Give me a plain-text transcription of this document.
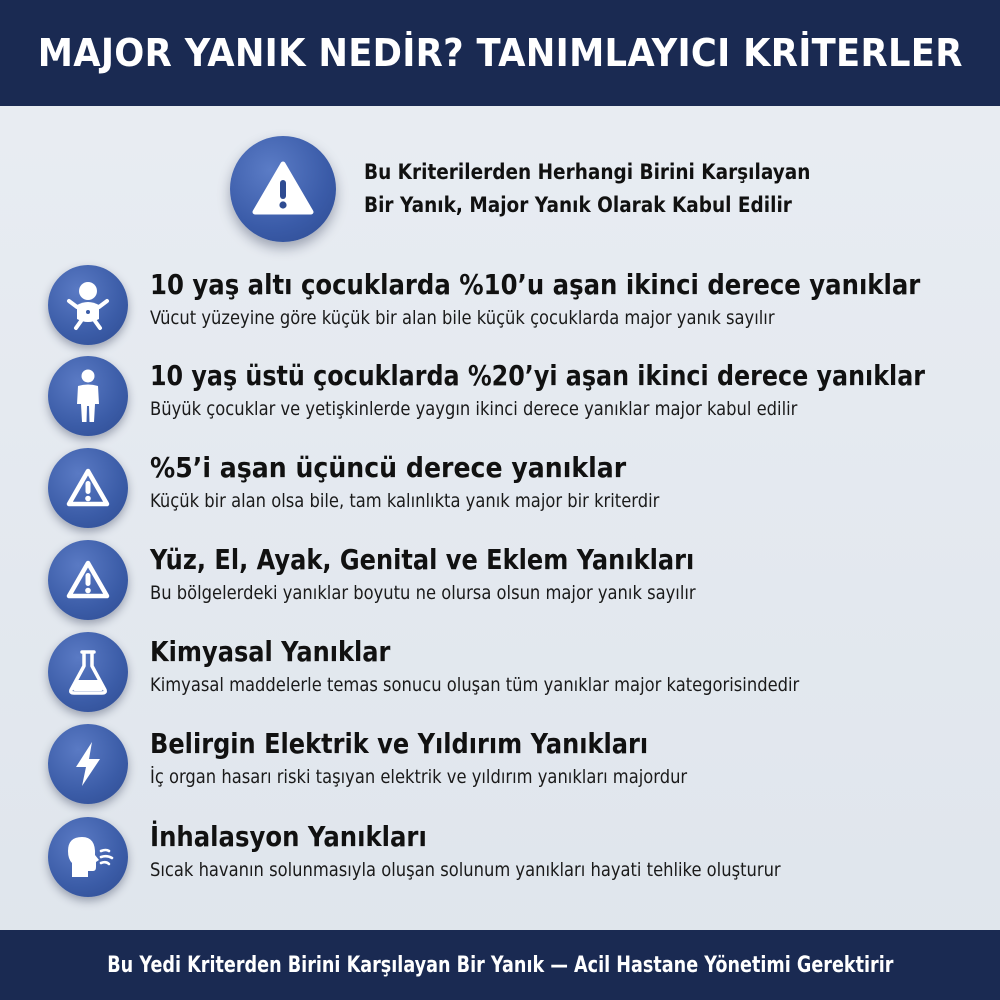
MAJOR YANIK NEDİR? TANIMLAYICI KRİTERLER
Bu Kriterilerden Herhangi Birini Karşılayan
Bir Yanık, Major Yanık Olarak Kabul Edilir
10 yaş altı çocuklarda %10’u aşan ikinci derece yanıklar
Vücut yüzeyine göre küçük bir alan bile küçük çocuklarda major yanık sayılır
10 yaş üstü çocuklarda %20’yi aşan ikinci derece yanıklar
Büyük çocuklar ve yetişkinlerde yaygın ikinci derece yanıklar major kabul edilir
%5’i aşan üçüncü derece yanıklar
Küçük bir alan olsa bile, tam kalınlıkta yanık major bir kriterdir
Yüz, El, Ayak, Genital ve Eklem Yanıkları
Bu bölgelerdeki yanıklar boyutu ne olursa olsun major yanık sayılır
Kimyasal Yanıklar
Kimyasal maddelerle temas sonucu oluşan tüm yanıklar major kategorisindedir
Belirgin Elektrik ve Yıldırım Yanıkları
İç organ hasarı riski taşıyan elektrik ve yıldırım yanıkları majordur
İnhalasyon Yanıkları
Sıcak havanın solunmasıyla oluşan solunum yanıkları hayati tehlike oluşturur
Bu Yedi Kriterden Birini Karşılayan Bir Yanık — Acil Hastane Yönetimi Gerektirir
